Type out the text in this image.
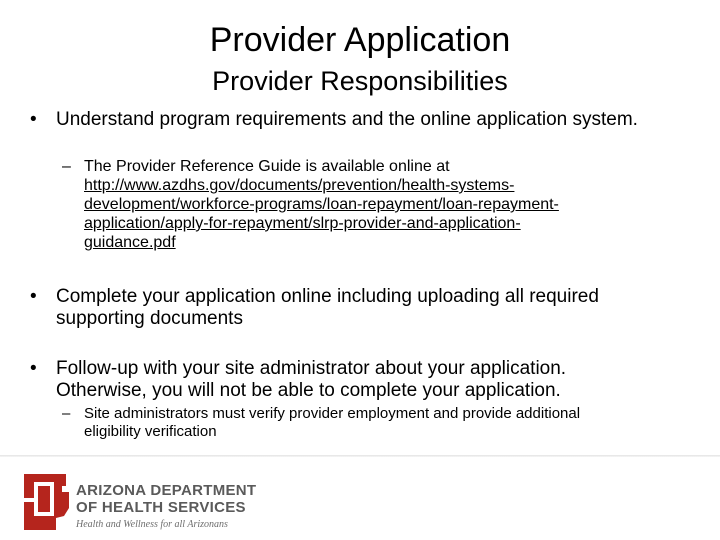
Provider Application
Provider Responsibilities
• Understand program requirements and the online application system.
– The Provider Reference Guide is available online at
http://www.azdhs.gov/documents/prevention/health-systems-
development/workforce-programs/loan-repayment/loan-repayment-
application/apply-for-repayment/slrp-provider-and-application-
guidance.pdf
• Complete your application online including uploading all required
supporting documents
• Follow-up with your site administrator about your application.
Otherwise, you will not be able to complete your application.
– Site administrators must verify provider employment and provide additional
eligibility verification
ARIZONA DEPARTMENT
OF HEALTH SERVICES
Health and Wellness for all Arizonans
